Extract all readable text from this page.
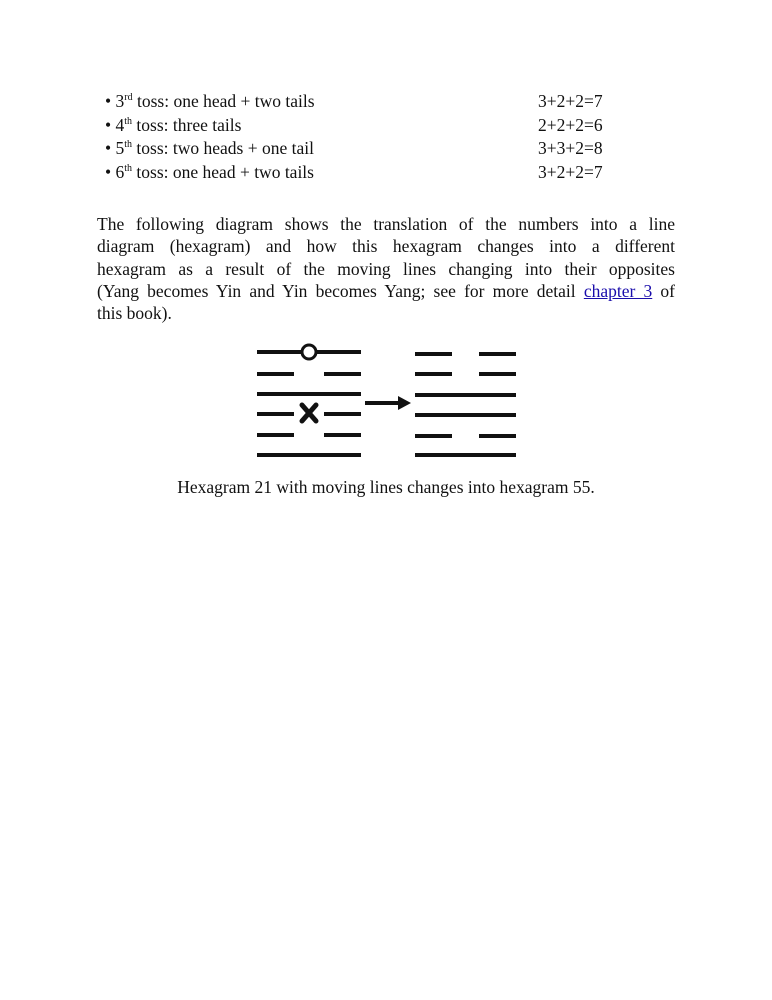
• 3rd toss: one head + two tails	3+2+2=7
• 4th toss: three tails	2+2+2=6
• 5th toss: two heads + one tail	3+3+2=8
• 6th toss: one head + two tails	3+2+2=7

The following diagram shows the translation of the numbers into a line
diagram (hexagram) and how this hexagram changes into a different
hexagram as a result of the moving lines changing into their opposites
(Yang becomes Yin and Yin becomes Yang; see for more detail chapter 3 of
this book).

Hexagram 21 with moving lines changes into hexagram 55.
